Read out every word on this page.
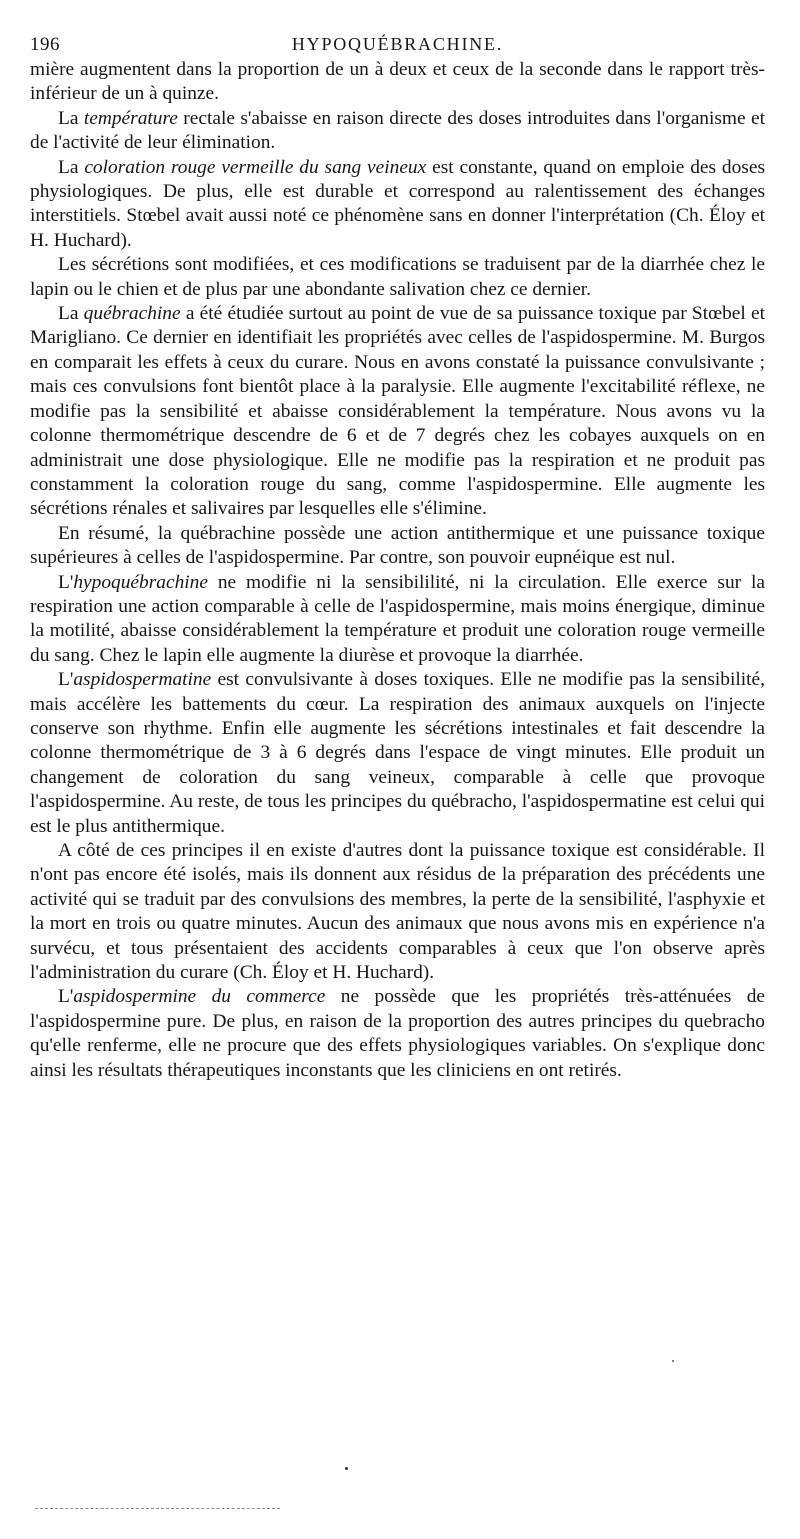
196	HYPOQUÉBRACHINE.

mière augmentent dans la proportion de un à deux et ceux de la seconde dans le rapport très-inférieur de un à quinze.

La température rectale s'abaisse en raison directe des doses introduites dans l'organisme et de l'activité de leur élimination.

La coloration rouge vermeille du sang veineux est constante, quand on emploie des doses physiologiques. De plus, elle est durable et correspond au ralentissement des échanges interstitiels. Stœbel avait aussi noté ce phénomène sans en donner l'interprétation (Ch. Éloy et H. Huchard).

Les sécrétions sont modifiées, et ces modifications se traduisent par de la diarrhée chez le lapin ou le chien et de plus par une abondante salivation chez ce dernier.

La québrachine a été étudiée surtout au point de vue de sa puissance toxique par Stœbel et Marigliano. Ce dernier en identifiait les propriétés avec celles de l'aspidospermine. M. Burgos en comparait les effets à ceux du curare. Nous en avons constaté la puissance convulsivante ; mais ces convulsions font bientôt place à la paralysie. Elle augmente l'excitabilité réflexe, ne modifie pas la sensibilité et abaisse considérablement la température. Nous avons vu la colonne thermométrique descendre de 6 et de 7 degrés chez les cobayes auxquels on en administrait une dose physiologique. Elle ne modifie pas la respiration et ne produit pas constamment la coloration rouge du sang, comme l'aspidospermine. Elle augmente les sécrétions rénales et salivaires par lesquelles elle s'élimine.

En résumé, la québrachine possède une action antithermique et une puissance toxique supérieures à celles de l'aspidospermine. Par contre, son pouvoir eupnéique est nul.

L'hypoquébrachine ne modifie ni la sensibililité, ni la circulation. Elle exerce sur la respiration une action comparable à celle de l'aspidospermine, mais moins énergique, diminue la motilité, abaisse considérablement la température et produit une coloration rouge vermeille du sang. Chez le lapin elle augmente la diurèse et provoque la diarrhée.

L'aspidospermatine est convulsivante à doses toxiques. Elle ne modifie pas la sensibilité, mais accélère les battements du cœur. La respiration des animaux auxquels on l'injecte conserve son rhythme. Enfin elle augmente les sécrétions intestinales et fait descendre la colonne thermométrique de 3 à 6 degrés dans l'espace de vingt minutes. Elle produit un changement de coloration du sang veineux, comparable à celle que provoque l'aspidospermine. Au reste, de tous les principes du québracho, l'aspidospermatine est celui qui est le plus antithermique.

A côté de ces principes il en existe d'autres dont la puissance toxique est considérable. Il n'ont pas encore été isolés, mais ils donnent aux résidus de la préparation des précédents une activité qui se traduit par des convulsions des membres, la perte de la sensibilité, l'asphyxie et la mort en trois ou quatre minutes. Aucun des animaux que nous avons mis en expérience n'a survécu, et tous présentaient des accidents comparables à ceux que l'on observe après l'administration du curare (Ch. Éloy et H. Huchard).

L'aspidospermine du commerce ne possède que les propriétés très-atténuées de l'aspidospermine pure. De plus, en raison de la proportion des autres principes du quebracho qu'elle renferme, elle ne procure que des effets physiologiques variables. On s'explique donc ainsi les résultats thérapeutiques inconstants que les cliniciens en ont retirés.
